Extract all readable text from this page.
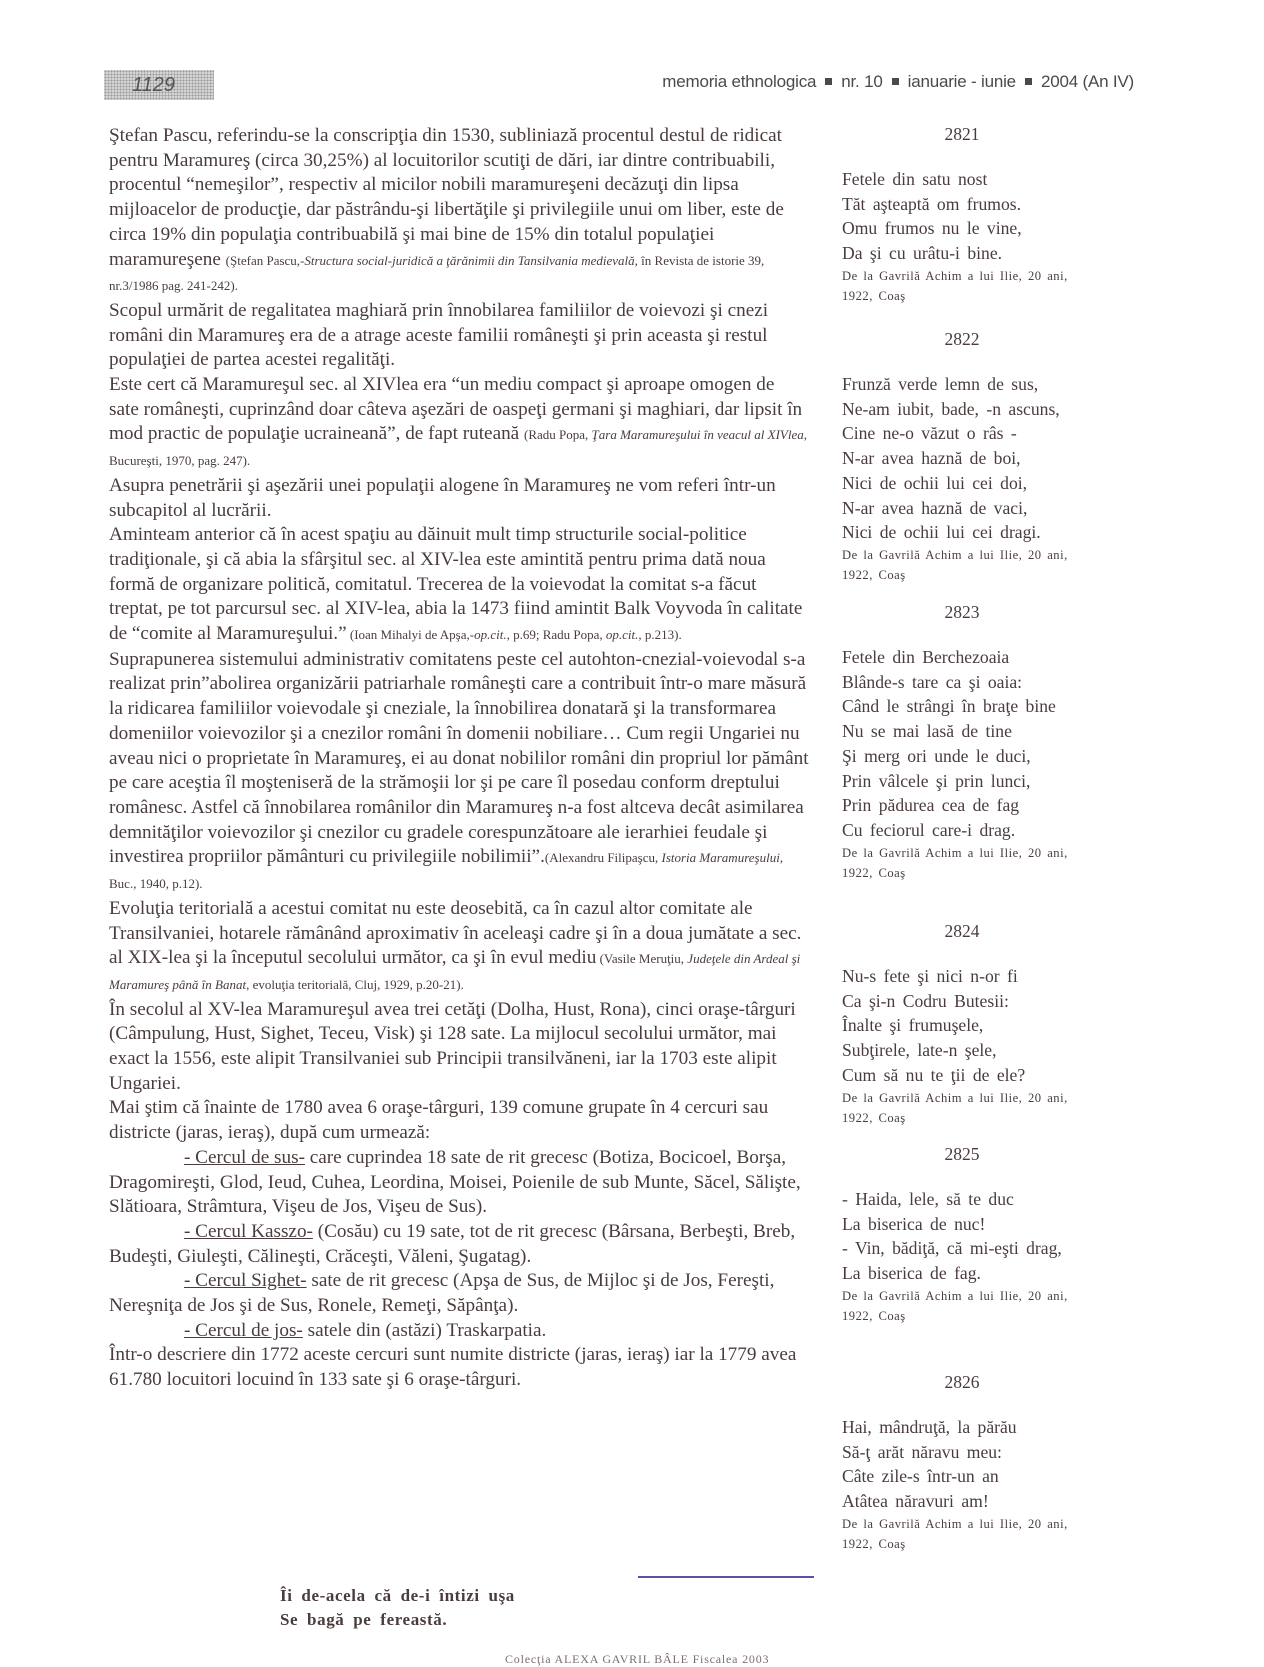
1129	memoria ethnologica nr. 10 ianuarie - iunie 2004 (An IV)

Ştefan Pascu, referindu-se la conscripţia din 1530, subliniază procentul destul de ridicat pentru Maramureş (circa 30,25%) al locuitorilor scutiţi de dări, iar dintre contribuabili, procentul “nemeşilor”, respectiv al micilor nobili maramureşeni decăzuţi din lipsa mijloacelor de producţie, dar păstrându-şi libertăţile şi privilegiile unui om liber, este de circa 19% din populaţia contribuabilă şi mai bine de 15% din totalul populaţiei maramureşene (Ştefan Pascu,-Structura social-juridică a ţărănimii din Tansilvania medievală, în Revista de istorie 39, nr.3/1986 pag. 241-242).

Scopul urmărit de regalitatea maghiară prin înnobilarea familiilor de voievozi şi cnezi români din Maramureş era de a atrage aceste familii româneşti şi prin aceasta şi restul populaţiei de partea acestei regalităţi.

Este cert că Maramureşul sec. al XIVlea era “un mediu compact şi aproape omogen de sate româneşti, cuprinzând doar câteva aşezări de oaspeţi germani şi maghiari, dar lipsit în mod practic de populaţie ucraineană”, de fapt ruteană (Radu Popa, Ţara Maramureşului în veacul al XIVlea, Bucureşti, 1970, pag. 247).

Asupra penetrării şi aşezării unei populaţii alogene în Maramureş ne vom referi într-un subcapitol al lucrării.

Aminteam anterior că în acest spaţiu au dăinuit mult timp structurile social-politice tradiţionale, şi că abia la sfârşitul sec. al XIV-lea este amintită pentru prima dată noua formă de organizare politică, comitatul. Trecerea de la voievodat la comitat s-a făcut treptat, pe tot parcursul sec. al XIV-lea, abia la 1473 fiind amintit Balk Voyvoda în calitate de “comite al Maramureşului.” (Ioan Mihalyi de Apşa,-op.cit., p.69; Radu Popa, op.cit., p.213).

Suprapunerea sistemului administrativ comitatens peste cel autohton-cnezial-voievodal s-a realizat prin”abolirea organizării patriarhale româneşti care a contribuit într-o mare măsură la ridicarea familiilor voievodale şi cneziale, la înnobilirea donatară şi la transformarea domeniilor voievozilor şi a cnezilor români în domenii nobiliare… Cum regii Ungariei nu aveau nici o proprietate în Maramureş, ei au donat nobililor români din propriul lor pământ pe care aceştia îl moşteniseră de la strămoşii lor şi pe care îl posedau conform dreptului românesc. Astfel că înnobilarea românilor din Maramureş n-a fost altceva decât asimilarea demnităţilor voievozilor şi cnezilor cu gradele corespunzătoare ale ierarhiei feudale şi investirea propriilor pământuri cu privilegiile nobilimii”.(Alexandru Filipaşcu, Istoria Maramureşului, Buc., 1940, p.12).

Evoluţia teritorială a acestui comitat nu este deosebită, ca în cazul altor comitate ale Transilvaniei, hotarele rămânând aproximativ în aceleaşi cadre şi în a doua jumătate a sec. al XIX-lea şi la începutul secolului următor, ca şi în evul mediu (Vasile Meruţiu, Judeţele din Ardeal şi Maramureş până în Banat, evoluţia teritorială, Cluj, 1929, p.20-21).

În secolul al XV-lea Maramureşul avea trei cetăţi (Dolha, Hust, Rona), cinci oraşe-târguri (Câmpulung, Hust, Sighet, Teceu, Visk) şi 128 sate. La mijlocul secolului următor, mai exact la 1556, este alipit Transilvaniei sub Principii transilvăneni, iar la 1703 este alipit Ungariei.

Mai ştim că înainte de 1780 avea 6 oraşe-târguri, 139 comune grupate în 4 cercuri sau districte (jaras, ieraş), după cum urmează:

- Cercul de sus- care cuprindea 18 sate de rit grecesc (Botiza, Bocicoel, Borşa, Dragomireşti, Glod, Ieud, Cuhea, Leordina, Moisei, Poienile de sub Munte, Săcel, Sălişte, Slătioara, Strâmtura, Vişeu de Jos, Vişeu de Sus).

- Cercul Kasszo- (Cosău) cu 19 sate, tot de rit grecesc (Bârsana, Berbeşti, Breb, Budeşti, Giuleşti, Călineşti, Crăceşti, Văleni, Şugatag).

- Cercul Sighet- sate de rit grecesc (Apşa de Sus, de Mijloc şi de Jos, Fereşti, Nereşniţa de Jos şi de Sus, Ronele, Remeţi, Săpânţa).

- Cercul de jos- satele din (astăzi) Traskarpatia.

Într-o descriere din 1772 aceste cercuri sunt numite districte (jaras, ieraş) iar la 1779 avea 61.780 locuitori locuind în 133 sate şi 6 oraşe-târguri.

Îi de-acela că de-i întizi uşa

Se bagă pe fereastă.

Colecţia ALEXA GAVRIL BÂLE Fiscalea 2003
2821

Fetele din satu nost

Tăt aşteaptă om frumos.

Omu frumos nu le vine,

Da şi cu urâtu-i bine.

De la Gavrilă Achim a lui Ilie, 20 ani,

1922, Coaş

2822

Frunză verde lemn de sus,

Ne-am iubit, bade, -n ascuns,

Cine ne-o văzut o râs -

N-ar avea haznă de boi,

Nici de ochii lui cei doi,

N-ar avea haznă de vaci,

Nici de ochii lui cei dragi.

De la Gavrilă Achim a lui Ilie, 20 ani,

1922, Coaş

2823

Fetele din Berchezoaia

Blânde-s tare ca şi oaia:

Când le strângi în braţe bine

Nu se mai lasă de tine

Şi merg ori unde le duci,

Prin vâlcele şi prin lunci,

Prin pădurea cea de fag

Cu feciorul care-i drag.

De la Gavrilă Achim a lui Ilie, 20 ani,

1922, Coaş

2824

Nu-s fete şi nici n-or fi

Ca şi-n Codru Butesii:

Înalte şi frumuşele,

Subţirele, late-n şele,

Cum să nu te ţii de ele?

De la Gavrilă Achim a lui Ilie, 20 ani,

1922, Coaş

2825

- Haida, lele, să te duc

La biserica de nuc!

- Vin, bădiţă, că mi-eşti drag,

La biserica de fag.

De la Gavrilă Achim a lui Ilie, 20 ani,

1922, Coaş

2826

Hai, mândruţă, la părău

Să-ţ arăt năravu meu:

Câte zile-s într-un an

Atâtea năravuri am!

De la Gavrilă Achim a lui Ilie, 20 ani,

1922, Coaş
